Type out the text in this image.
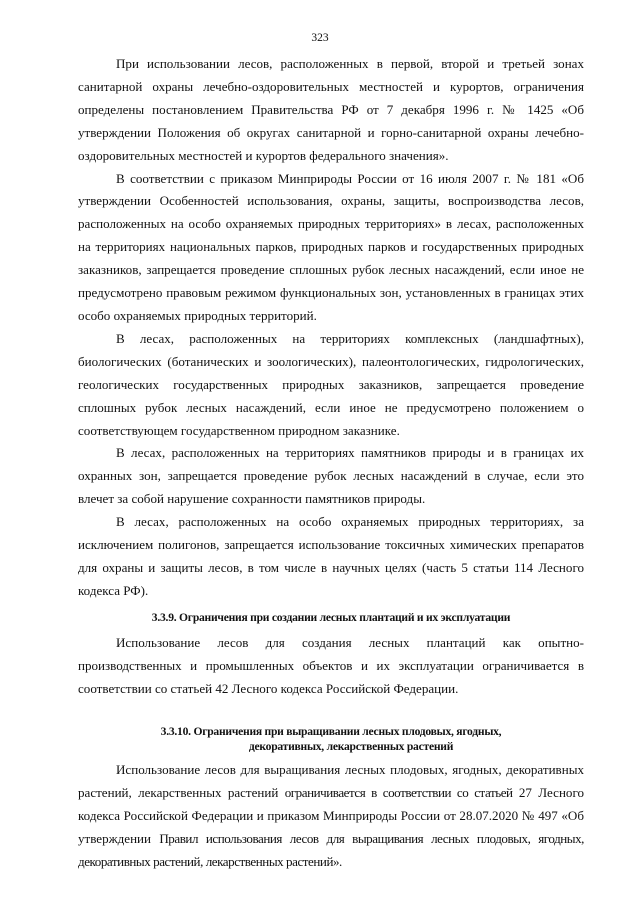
323

При использовании лесов, расположенных в первой, второй и третьей зонах санитарной охраны лечебно-оздоровительных местностей и курортов, ограничения определены постановлением Правительства РФ от 7 декабря 1996 г. № 1425 «Об утверждении Положения об округах санитарной и горно-санитарной охраны лечебно-оздоровительных местностей и курортов федерального значения».

В соответствии с приказом Минприроды России от 16 июля 2007 г. № 181 «Об утверждении Особенностей использования, охраны, защиты, воспроизводства лесов, расположенных на особо охраняемых природных территориях» в лесах, расположенных на территориях национальных парков, природных парков и государственных природных заказников, запрещается проведение сплошных рубок лесных насаждений, если иное не предусмотрено правовым режимом функциональных зон, установленных в границах этих особо охраняемых природных территорий.

В лесах, расположенных на территориях комплексных (ландшафтных), биологических (ботанических и зоологических), палеонтологических, гидрологических, геологических государственных природных заказников, запрещается проведение сплошных рубок лесных насаждений, если иное не предусмотрено положением о соответствующем государственном природном заказнике.

В лесах, расположенных на территориях памятников природы и в границах их охранных зон, запрещается проведение рубок лесных насаждений в случае, если это влечет за собой нарушение сохранности памятников природы.

В лесах, расположенных на особо охраняемых природных территориях, за исключением полигонов, запрещается использование токсичных химических препаратов для охраны и защиты лесов, в том числе в научных целях (часть 5 статьи 114 Лесного кодекса РФ).

3.3.9. Ограничения при создании лесных плантаций и их эксплуатации

Использование лесов для создания лесных плантаций как опытно-производственных и промышленных объектов и их эксплуатации ограничивается в соответствии со статьей 42 Лесного кодекса Российской Федерации.

3.3.10. Ограничения при выращивании лесных плодовых, ягодных,
декоративных, лекарственных растений

Использование лесов для выращивания лесных плодовых, ягодных, декоративных растений, лекарственных растений ограничивается в соответствии со статьей 27 Лесного кодекса Российской Федерации и приказом Минприроды России от 28.07.2020 № 497 «Об утверждении Правил использования лесов для выращивания лесных плодовых, ягодных, декоративных растений, лекарственных растений».
